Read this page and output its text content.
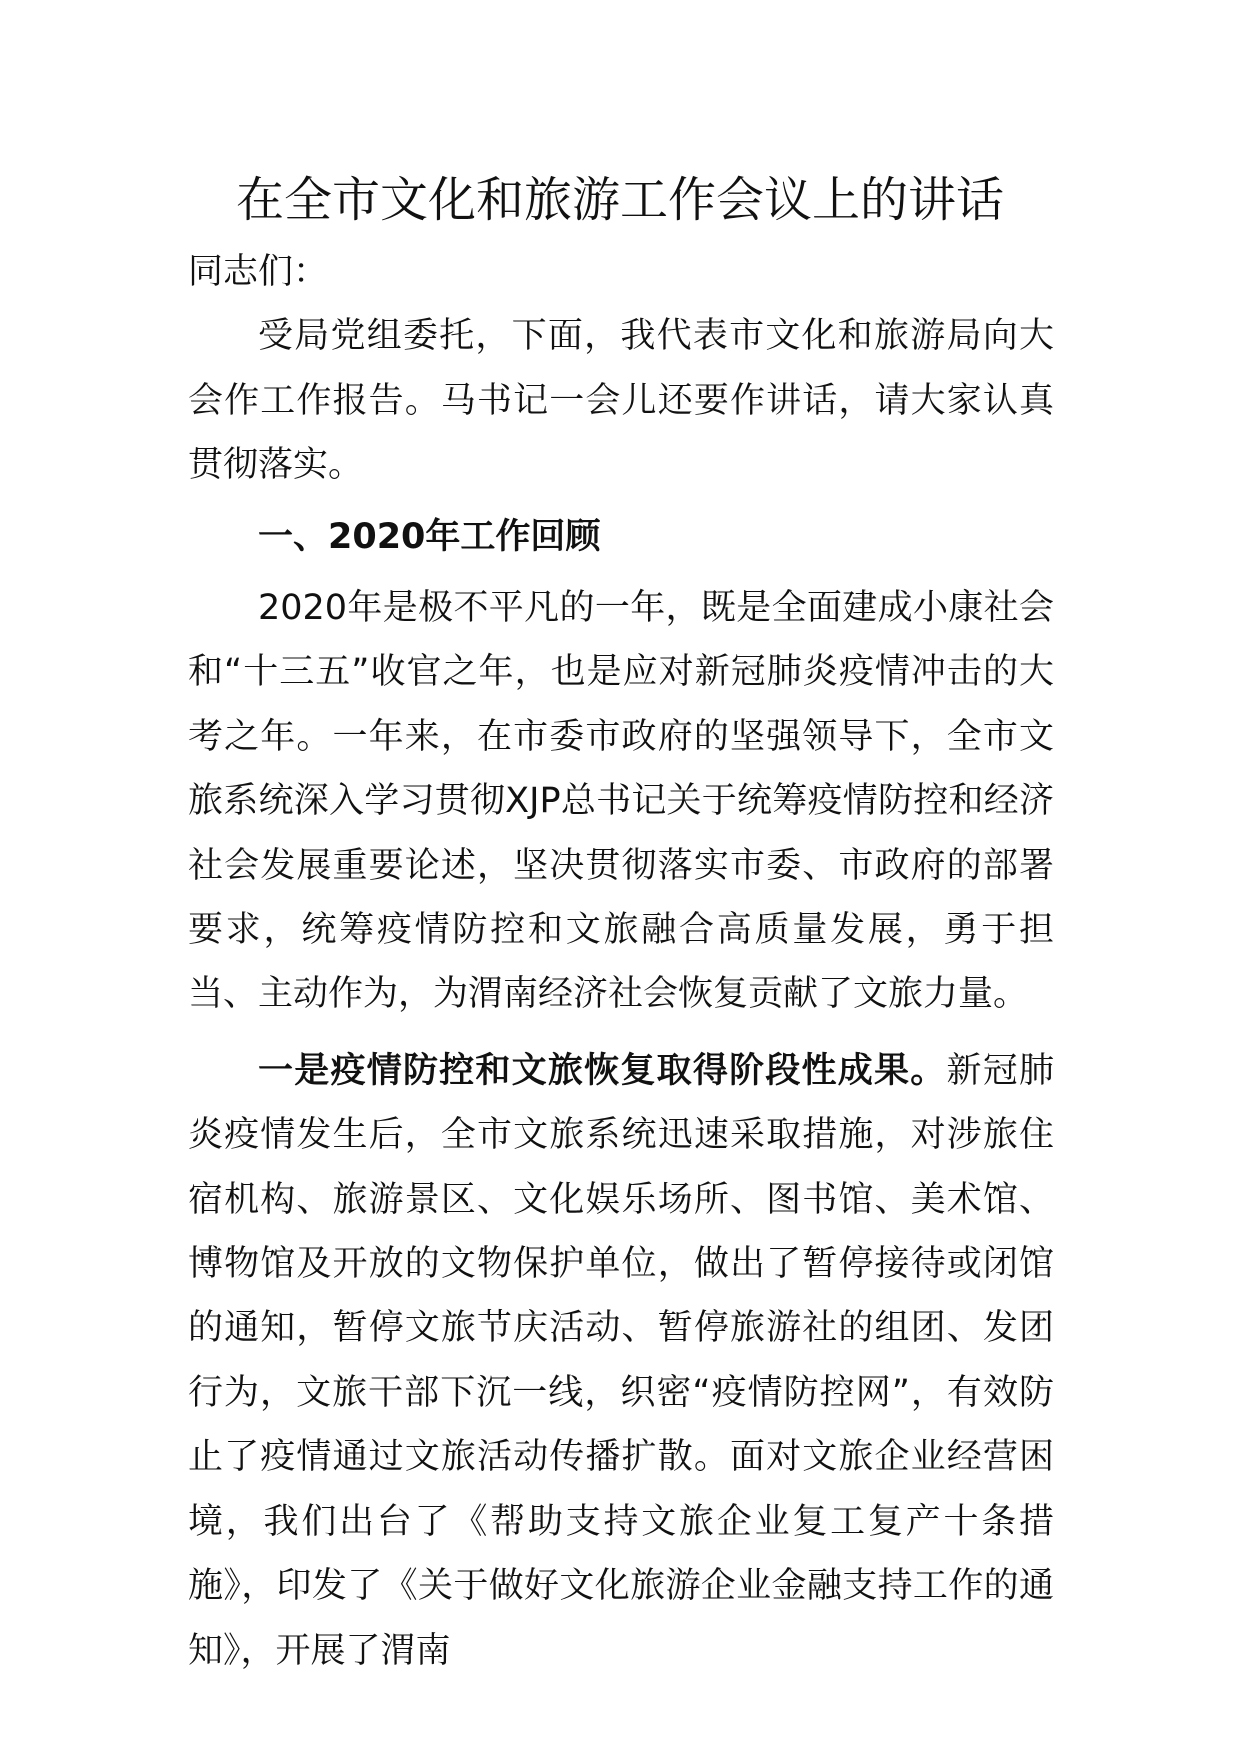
在全市文化和旅游工作会议上的讲话

同志们：

受局党组委托，下面，我代表市文化和旅游局向大会作工作报告。马书记一会儿还要作讲话，请大家认真贯彻落实。

一、2020年工作回顾

2020年是极不平凡的一年，既是全面建成小康社会和“十三五”收官之年，也是应对新冠肺炎疫情冲击的大考之年。一年来，在市委市政府的坚强领导下，全市文旅系统深入学习贯彻XJP总书记关于统筹疫情防控和经济社会发展重要论述，坚决贯彻落实市委、市政府的部署要求，统筹疫情防控和文旅融合高质量发展，勇于担当、主动作为，为渭南经济社会恢复贡献了文旅力量。

一是疫情防控和文旅恢复取得阶段性成果。新冠肺炎疫情发生后，全市文旅系统迅速采取措施，对涉旅住宿机构、旅游景区、文化娱乐场所、图书馆、美术馆、博物馆及开放的文物保护单位，做出了暂停接待或闭馆的通知，暂停文旅节庆活动、暂停旅游社的组团、发团行为，文旅干部下沉一线，织密“疫情防控网”，有效防止了疫情通过文旅活动传播扩散。面对文旅企业经营困境，我们出台了《帮助支持文旅企业复工复产十条措施》，印发了《关于做好文化旅游企业金融支持工作的通知》，开展了渭南
